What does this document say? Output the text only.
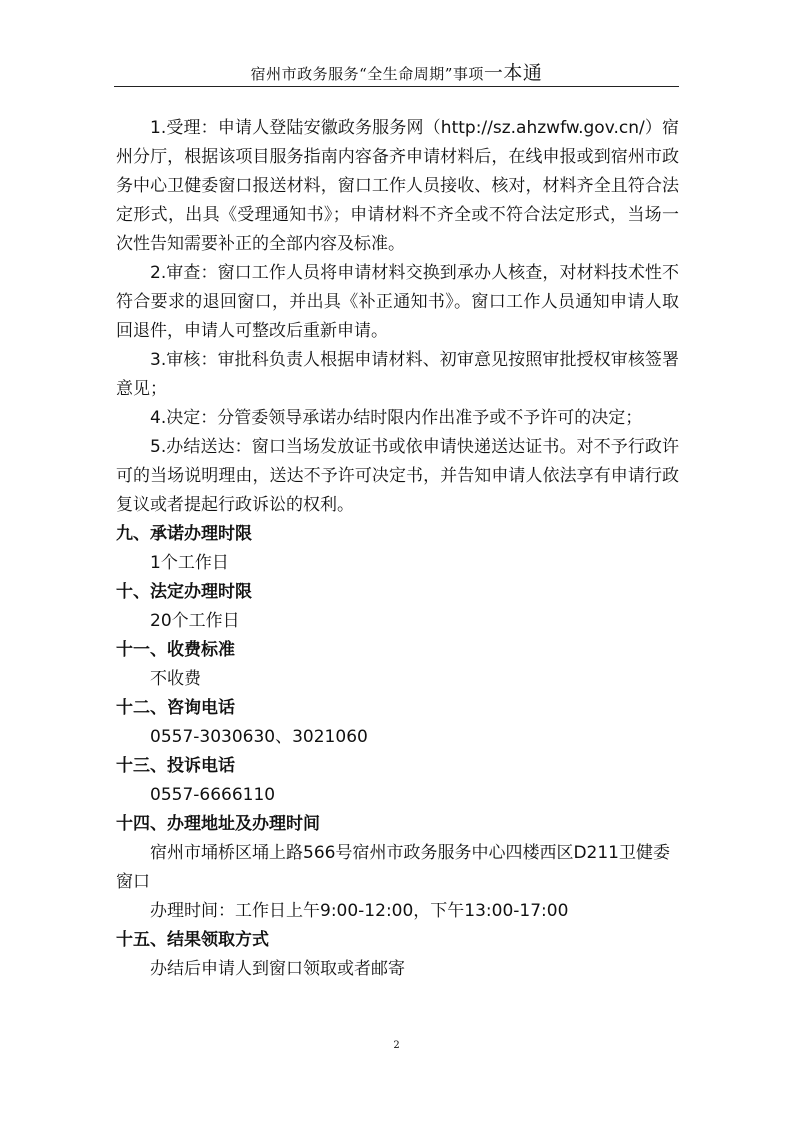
宿州市政务服务“全生命周期”事项一本通

1.受理：申请人登陆安徽政务服务网（http://sz.ahzwfw.gov.cn/）宿州分厅，根据该项目服务指南内容备齐申请材料后，在线申报或到宿州市政务中心卫健委窗口报送材料，窗口工作人员接收、核对，材料齐全且符合法定形式，出具《受理通知书》；申请材料不齐全或不符合法定形式，当场一次性告知需要补正的全部内容及标准。

2.审查：窗口工作人员将申请材料交换到承办人核查，对材料技术性不符合要求的退回窗口，并出具《补正通知书》。窗口工作人员通知申请人取回退件，申请人可整改后重新申请。

3.审核：审批科负责人根据申请材料、初审意见按照审批授权审核签署意见；

4.决定：分管委领导承诺办结时限内作出准予或不予许可的决定；

5.办结送达：窗口当场发放证书或依申请快递送达证书。对不予行政许可的当场说明理由，送达不予许可决定书，并告知申请人依法享有申请行政复议或者提起行政诉讼的权利。

九、承诺办理时限

1个工作日

十、法定办理时限

20个工作日

十一、收费标准

不收费

十二、咨询电话

0557-3030630、3021060

十三、投诉电话

0557-6666110

十四、办理地址及办理时间

宿州市埇桥区埇上路566号宿州市政务服务中心四楼西区D211卫健委窗口

办理时间：工作日上午9:00-12:00，下午13:00-17:00

十五、结果领取方式

办结后申请人到窗口领取或者邮寄

2
